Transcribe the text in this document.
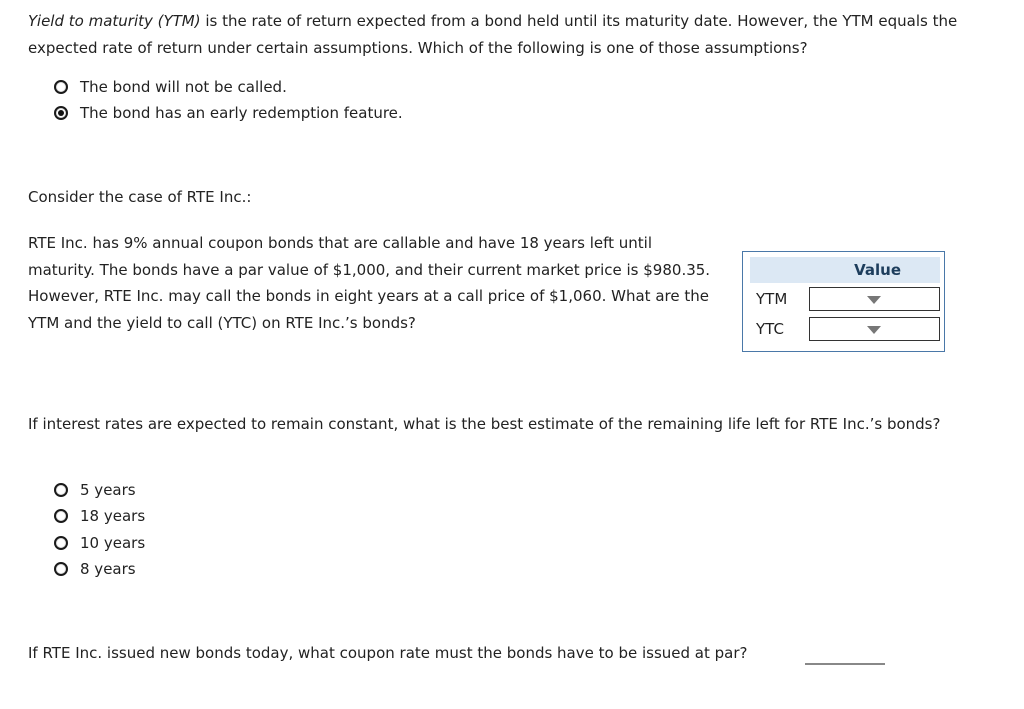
Yield to maturity (YTM) is the rate of return expected from a bond held until its maturity date. However, the YTM equals the expected rate of return under certain assumptions. Which of the following is one of those assumptions?

The bond will not be called.
The bond has an early redemption feature.

Consider the case of RTE Inc.:

RTE Inc. has 9% annual coupon bonds that are callable and have 18 years left until maturity. The bonds have a par value of $1,000, and their current market price is $980.35. However, RTE Inc. may call the bonds in eight years at a call price of $1,060. What are the YTM and the yield to call (YTC) on RTE Inc.’s bonds?

Value
YTM
YTC

If interest rates are expected to remain constant, what is the best estimate of the remaining life left for RTE Inc.’s bonds?

5 years
18 years
10 years
8 years

If RTE Inc. issued new bonds today, what coupon rate must the bonds have to be issued at par?
